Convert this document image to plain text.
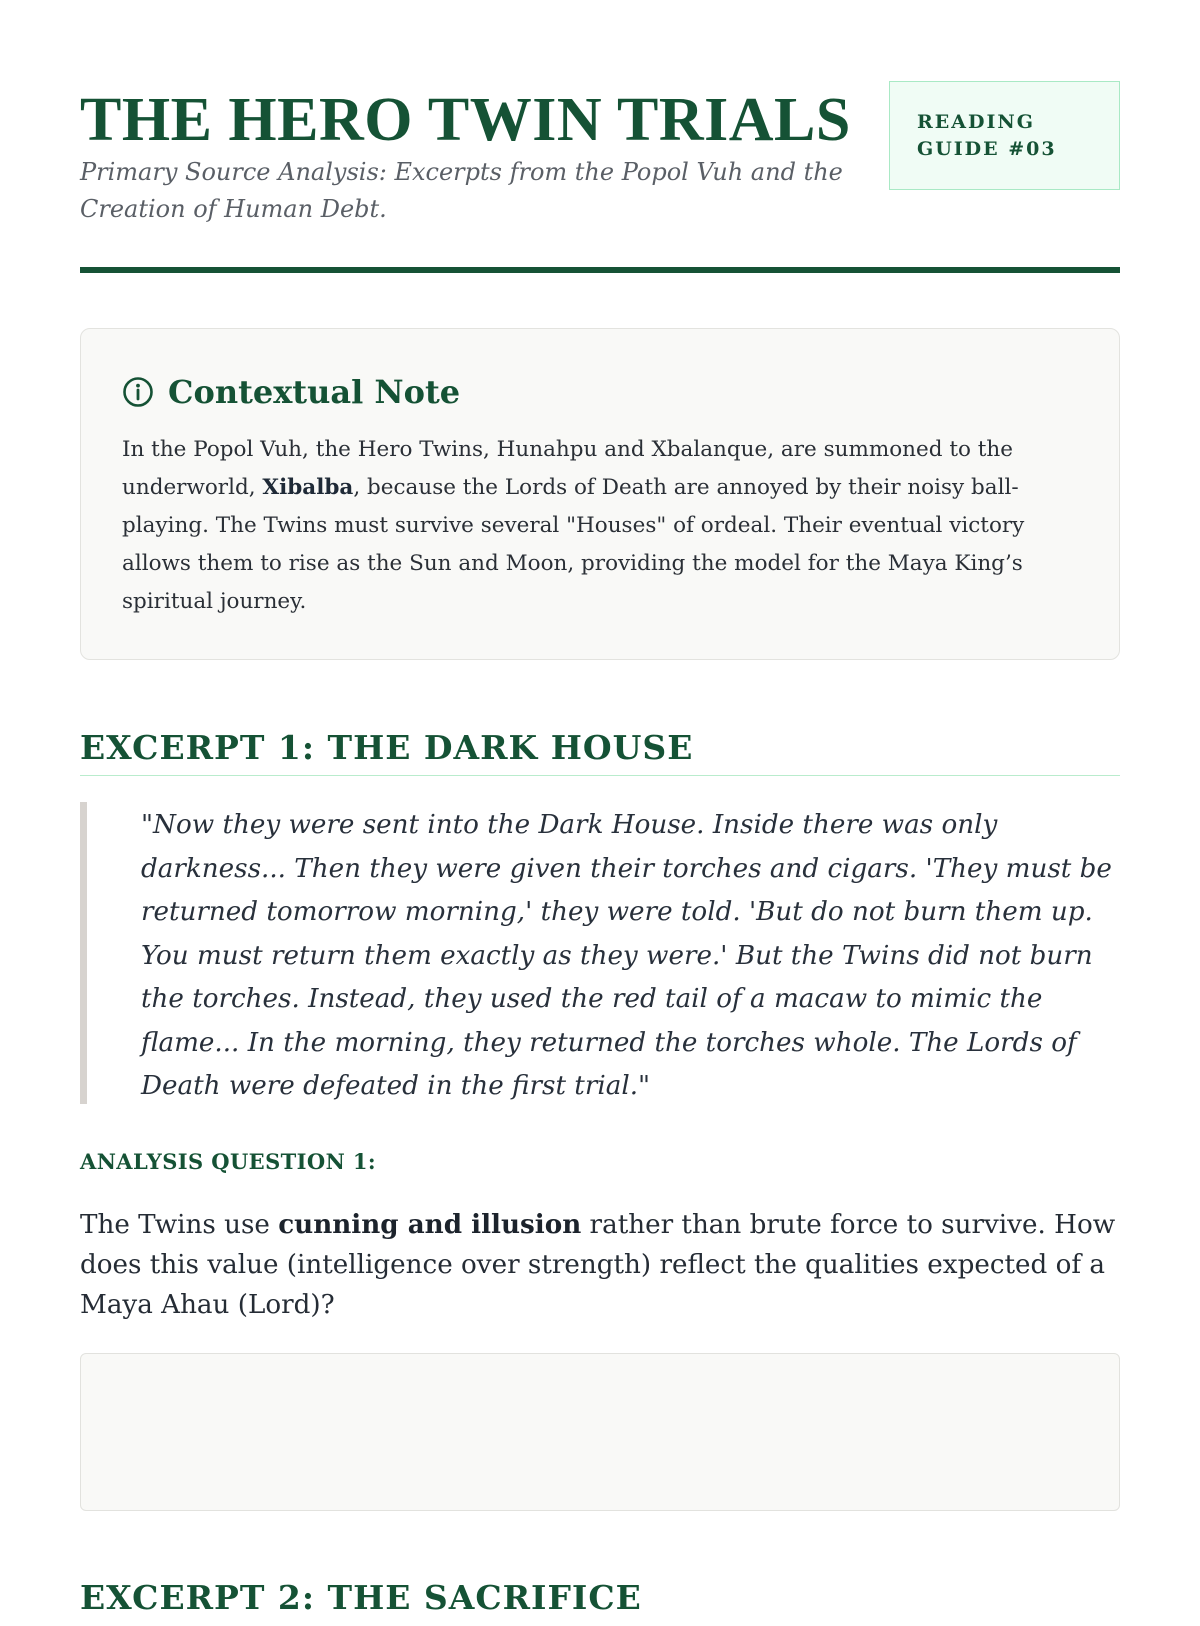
THE HERO TWIN TRIALS

Primary Source Analysis: Excerpts from the Popol Vuh and the Creation of Human Debt.

READING
GUIDE #03
Contextual Note

In the Popol Vuh, the Hero Twins, Hunahpu and Xbalanque, are summoned to the underworld, Xibalba, because the Lords of Death are annoyed by their noisy ball-playing. The Twins must survive several "Houses" of ordeal. Their eventual victory allows them to rise as the Sun and Moon, providing the model for the Maya King’s spiritual journey.

EXCERPT 1: THE DARK HOUSE
"Now they were sent into the Dark House. Inside there was only darkness... Then they were given their torches and cigars. 'They must be returned tomorrow morning,' they were told. 'But do not burn them up. You must return them exactly as they were.' But the Twins did not burn the torches. Instead, they used the red tail of a macaw to mimic the flame... In the morning, they returned the torches whole. The Lords of Death were defeated in the first trial."
ANALYSIS QUESTION 1:

The Twins use cunning and illusion rather than brute force to survive. How does this value (intelligence over strength) reflect the qualities expected of a Maya Ahau (Lord)?

EXCERPT 2: THE SACRIFICE
